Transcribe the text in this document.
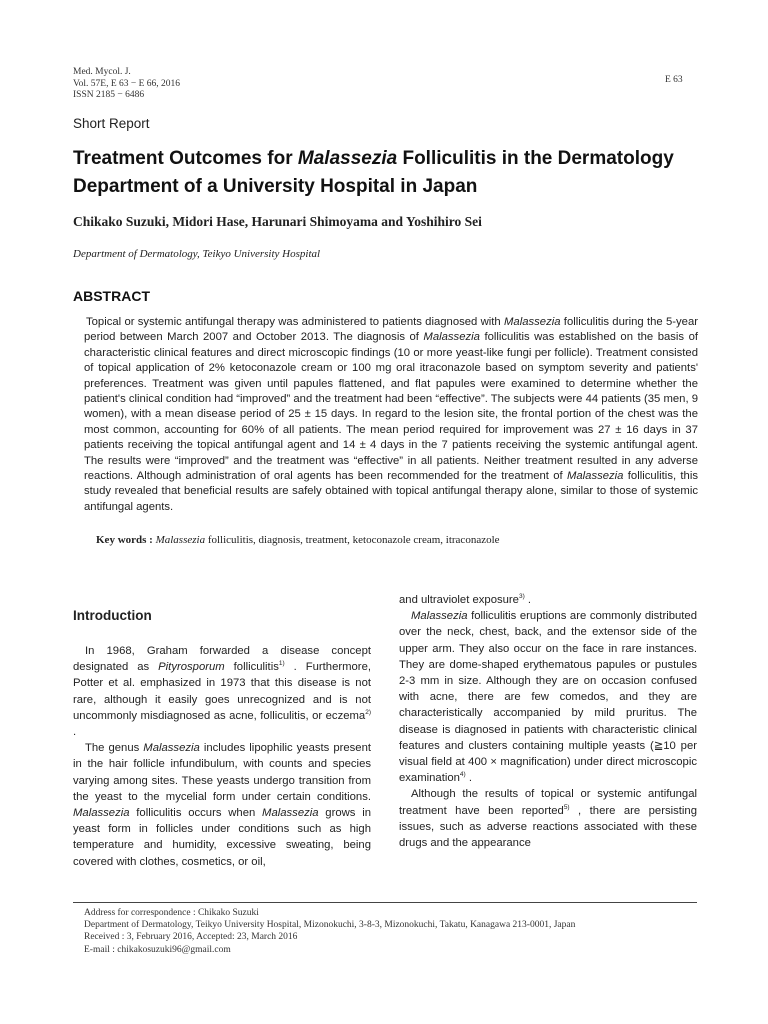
Med. Mycol. J.
Vol. 57E, E 63 − E 66, 2016
ISSN 2185 − 6486
E 63
Short Report
Treatment Outcomes for Malassezia Folliculitis in the Dermatology Department of a University Hospital in Japan
Chikako Suzuki, Midori Hase, Harunari Shimoyama and Yoshihiro Sei
Department of Dermatology, Teikyo University Hospital
ABSTRACT

Topical or systemic antifungal therapy was administered to patients diagnosed with Malassezia folliculitis during the 5-year period between March 2007 and October 2013. The diagnosis of Malassezia folliculitis was established on the basis of characteristic clinical features and direct microscopic findings (10 or more yeast-like fungi per follicle). Treatment consisted of topical application of 2% ketoconazole cream or 100 mg oral itraconazole based on symptom severity and patients' preferences. Treatment was given until papules flattened, and flat papules were examined to determine whether the patient's clinical condition had “improved” and the treatment had been “effective”. The subjects were 44 patients (35 men, 9 women), with a mean disease period of 25 ± 15 days. In regard to the lesion site, the frontal portion of the chest was the most common, accounting for 60% of all patients. The mean period required for improvement was 27 ± 16 days in 37 patients receiving the topical antifungal agent and 14 ± 4 days in the 7 patients receiving the systemic antifungal agent. The results were “improved” and the treatment was “effective” in all patients. Neither treatment resulted in any adverse reactions. Although administration of oral agents has been recommended for the treatment of Malassezia folliculitis, this study revealed that beneficial results are safely obtained with topical antifungal therapy alone, similar to those of systemic antifungal agents.

Key words : Malassezia folliculitis, diagnosis, treatment, ketoconazole cream, itraconazole
Introduction

In 1968, Graham forwarded a disease concept designated as Pityrosporum folliculitis$^{1)}$ . Furthermore, Potter et al. emphasized in 1973 that this disease is not rare, although it easily goes unrecognized and is not uncommonly misdiagnosed as acne, folliculitis, or eczema$^{2)}$ .

The genus Malassezia includes lipophilic yeasts present in the hair follicle infundibulum, with counts and species varying among sites. These yeasts undergo transition from the yeast to the mycelial form under certain conditions. Malassezia folliculitis occurs when Malassezia grows in yeast form in follicles under conditions such as high temperature and humidity, excessive sweating, being covered with clothes, cosmetics, or oil,

and ultraviolet exposure$^{3)}$ .

Malassezia folliculitis eruptions are commonly distributed over the neck, chest, back, and the extensor side of the upper arm. They also occur on the face in rare instances. They are dome-shaped erythematous papules or pustules 2-3 mm in size. Although they are on occasion confused with acne, there are few comedos, and they are characteristically accompanied by mild pruritus. The disease is diagnosed in patients with characteristic clinical features and clusters containing multiple yeasts (≧10 per visual field at 400 × magnification) under direct microscopic examination$^{4)}$ .

Although the results of topical or systemic antifungal treatment have been reported$^{5)}$ , there are persisting issues, such as adverse reactions associated with these drugs and the appearance

Address for correspondence : Chikako Suzuki
Department of Dermatology, Teikyo University Hospital, Mizonokuchi, 3-8-3, Mizonokuchi, Takatu, Kanagawa 213-0001, Japan
Received : 3, February 2016, Accepted: 23, March 2016
E-mail : chikakosuzuki96@gmail.com
